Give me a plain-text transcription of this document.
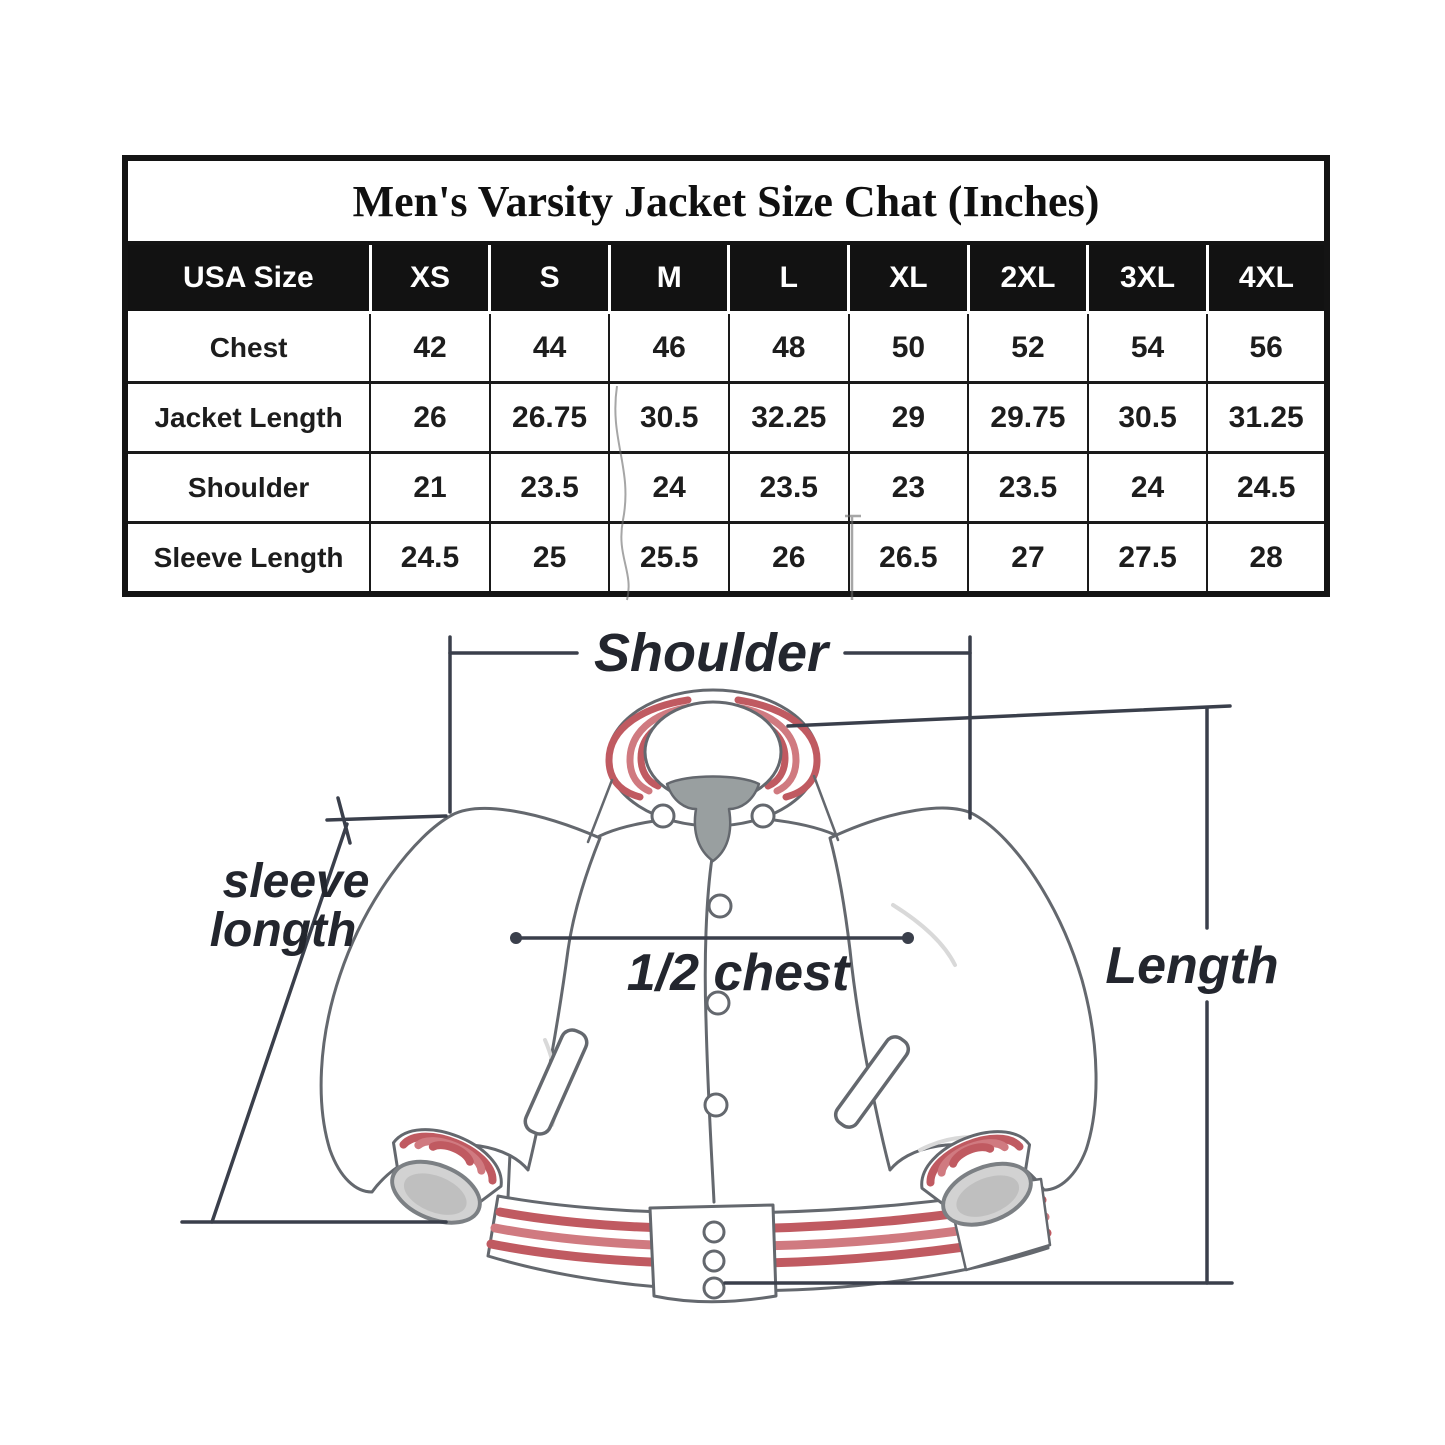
Men's Varsity Jacket Size Chat (Inches)								
USA Size	XS	S	M	L	XL	2XL	3XL	4XL
Chest	42	44	46	48	50	52	54	56
Jacket Length	26	26.75	30.5	32.25	29	29.75	30.5	31.25
Shoulder	21	23.5	24	23.5	23	23.5	24	24.5
Sleeve Length	24.5	25	25.5	26	26.5	27	27.5	28
Shoulder
sleeve
longth
1/2 chest	Length
